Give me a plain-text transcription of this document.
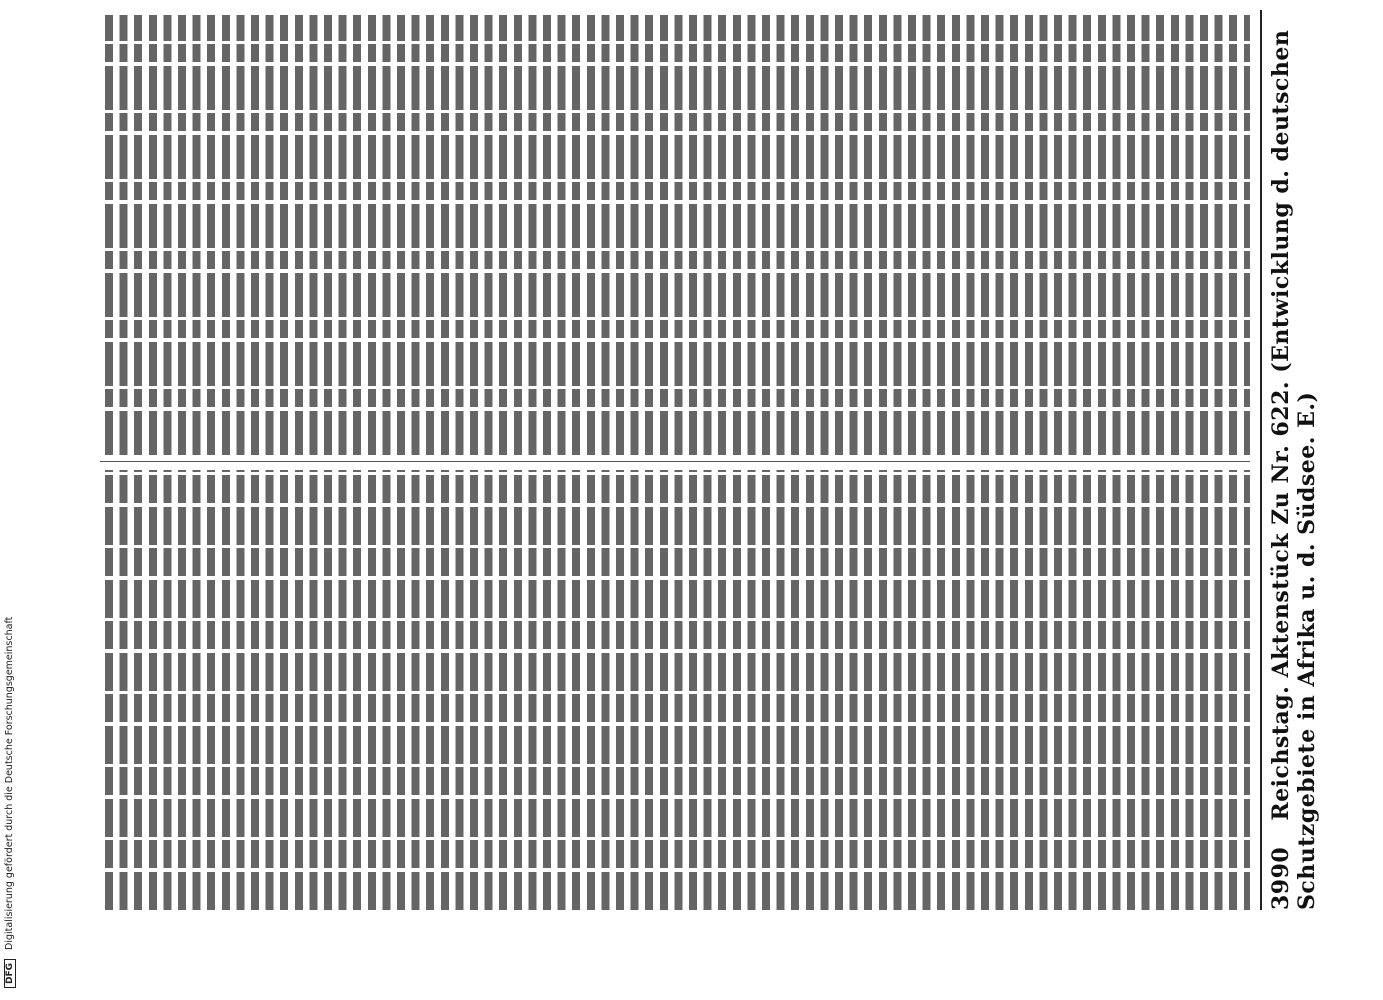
3990 Reichstag. Aktenstück Zu Nr. 622. (Entwicklung d. deutschen Schutzgebiete in Afrika u. d. Südsee. E.)
DFG Digitalisierung gefördert durch die Deutsche Forschungsgemeinschaft
